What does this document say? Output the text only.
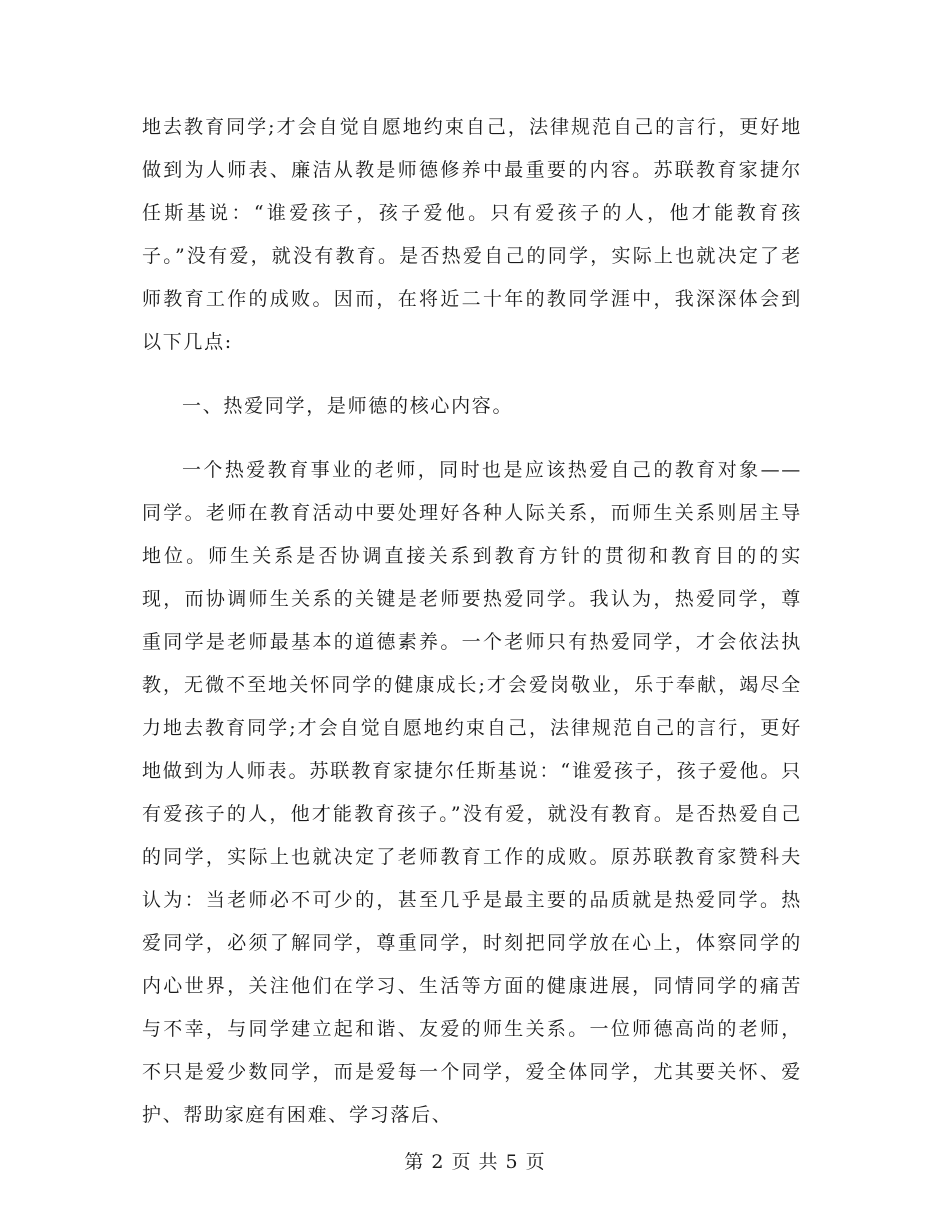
地去教育同学;才会自觉自愿地约束自己，法律规范自己的言行，更好地做到为人师表、廉洁从教是师德修养中最重要的内容。苏联教育家捷尔任斯基说：“谁爱孩子，孩子爱他。只有爱孩子的人，他才能教育孩子。”没有爱，就没有教育。是否热爱自己的同学，实际上也就决定了老师教育工作的成败。因而，在将近二十年的教同学涯中，我深深体会到以下几点:

一、热爱同学，是师德的核心内容。

一个热爱教育事业的老师，同时也是应该热爱自己的教育对象——同学。老师在教育活动中要处理好各种人际关系，而师生关系则居主导地位。师生关系是否协调直接关系到教育方针的贯彻和教育目的的实现，而协调师生关系的关键是老师要热爱同学。我认为，热爱同学，尊重同学是老师最基本的道德素养。一个老师只有热爱同学，才会依法执教，无微不至地关怀同学的健康成长;才会爱岗敬业，乐于奉献，竭尽全力地去教育同学;才会自觉自愿地约束自己，法律规范自己的言行，更好地做到为人师表。苏联教育家捷尔任斯基说：“谁爱孩子，孩子爱他。只有爱孩子的人，他才能教育孩子。”没有爱，就没有教育。是否热爱自己的同学，实际上也就决定了老师教育工作的成败。原苏联教育家赞科夫认为：当老师必不可少的，甚至几乎是最主要的品质就是热爱同学。热爱同学，必须了解同学，尊重同学，时刻把同学放在心上，体察同学的内心世界，关注他们在学习、生活等方面的健康进展，同情同学的痛苦与不幸，与同学建立起和谐、友爱的师生关系。一位师德高尚的老师，不只是爱少数同学，而是爱每一个同学，爱全体同学，尤其要关怀、爱护、帮助家庭有困难、学习落后、

第 2 页 共 5 页
